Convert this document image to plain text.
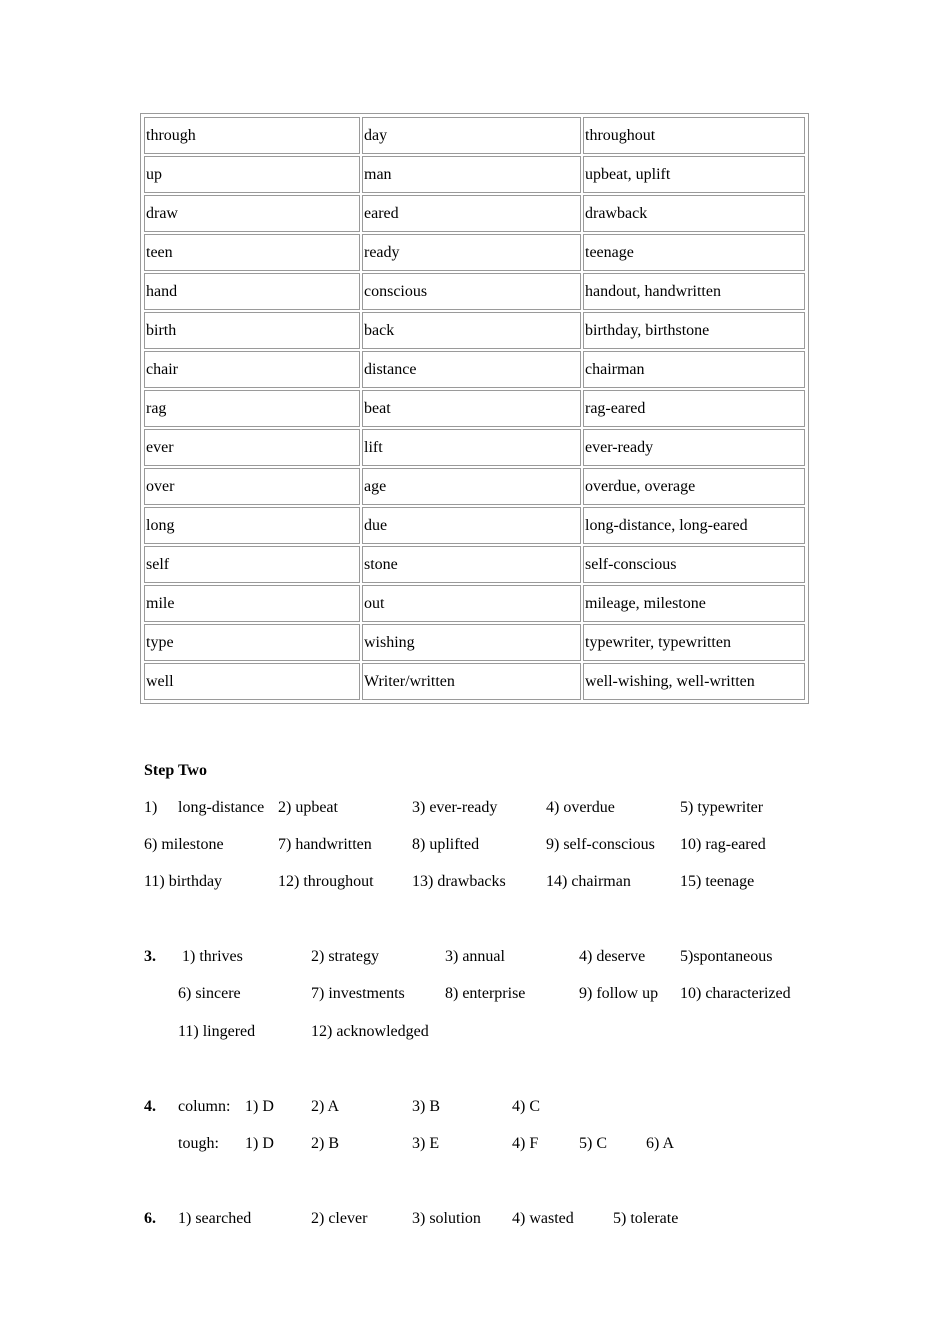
through	day	throughout
up	man	upbeat, uplift
draw	eared	drawback
teen	ready	teenage
hand	conscious	handout, handwritten
birth	back	birthday, birthstone
chair	distance	chairman
rag	beat	rag-eared
ever	lift	ever-ready
over	age	overdue, overage
long	due	long-distance, long-eared
self	stone	self-conscious
mile	out	mileage, milestone
type	wishing	typewriter, typewritten
well	Writer/written	well-wishing, well-written
Step Two
1) long-distance 2) upbeat	3) ever-ready	4) overdue	5) typewriter
6) milestone	7) handwritten	8) uplifted	9) self-conscious 10) rag-eared
11) birthday	12) throughout 13) drawbacks	14) chairman	15) teenage
3. 1) thrives	2) strategy	3) annual	4) deserve 5)spontaneous
6) sincere	7) investments	8) enterprise	9) follow up 10) characterized
11) lingered	12) acknowledged
4. column: 1) D 2) A	3) B	4) C
tough: 1) D 2) B	3) E	4) F	5) C 6) A
6. 1) searched	2) clever	3) solution 4) wasted 5) tolerate
